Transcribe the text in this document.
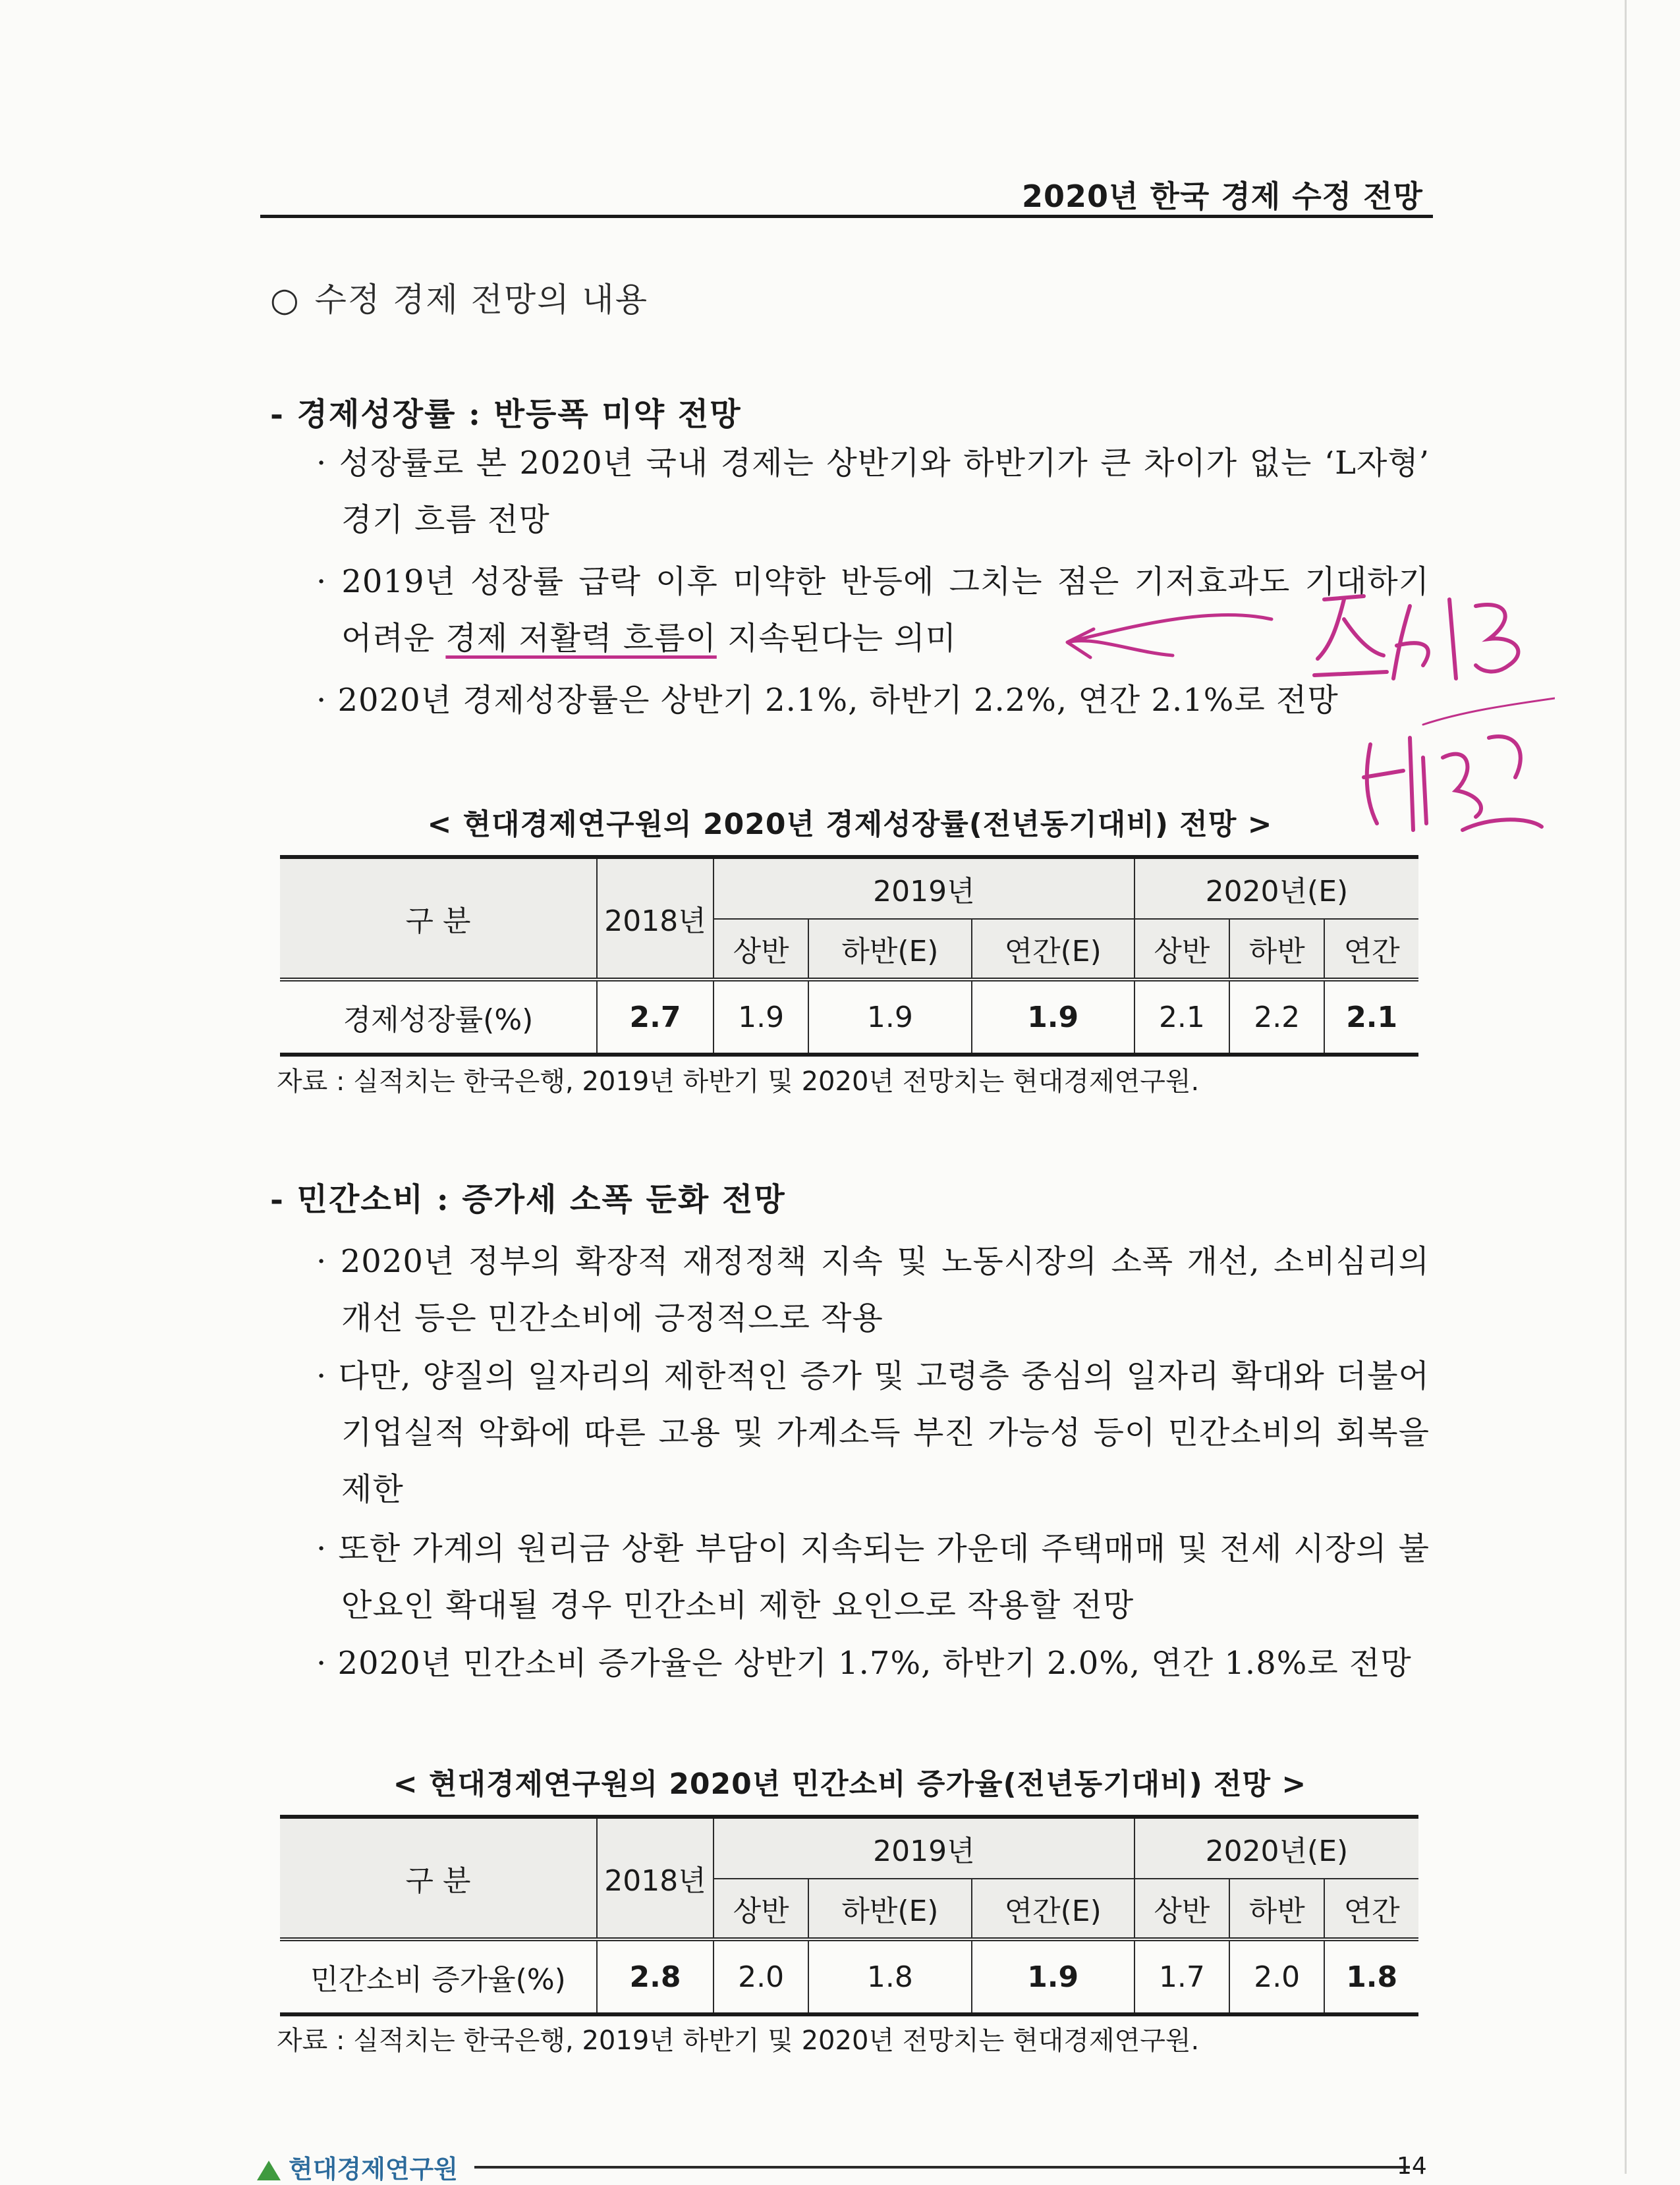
2020년 한국 경제 수정 전망
○ 수정 경제 전망의 내용
- 경제성장률 : 반등폭 미약 전망
· 성장률로 본 2020년 국내 경제는 상반기와 하반기가 큰 차이가 없는 ‘L자형’ 경기 흐름 전망
· 2019년 성장률 급락 이후 미약한 반등에 그치는 점은 기저효과도 기대하기 어려운 경제 저활력 흐름이 지속된다는 의미
· 2020년 경제성장률은 상반기 2.1%, 하반기 2.2%, 연간 2.1%로 전망
< 현대경제연구원의 2020년 경제성장률(전년동기대비) 전망 >
구 분	2018년	2019년			2020년(E)		
		상반	하반(E)	연간(E)	상반	하반	연간
경제성장률(%)	2.7	1.9	1.9	1.9	2.1	2.2	2.1
자료 : 실적치는 한국은행, 2019년 하반기 및 2020년 전망치는 현대경제연구원.
- 민간소비 : 증가세 소폭 둔화 전망
· 2020년 정부의 확장적 재정정책 지속 및 노동시장의 소폭 개선, 소비심리의 개선 등은 민간소비에 긍정적으로 작용
· 다만, 양질의 일자리의 제한적인 증가 및 고령층 중심의 일자리 확대와 더불어 기업실적 악화에 따른 고용 및 가계소득 부진 가능성 등이 민간소비의 회복을 제한
· 또한 가계의 원리금 상환 부담이 지속되는 가운데 주택매매 및 전세 시장의 불안요인 확대될 경우 민간소비 제한 요인으로 작용할 전망
· 2020년 민간소비 증가율은 상반기 1.7%, 하반기 2.0%, 연간 1.8%로 전망
< 현대경제연구원의 2020년 민간소비 증가율(전년동기대비) 전망 >
구 분	2018년	2019년			2020년(E)		
		상반	하반(E)	연간(E)	상반	하반	연간
민간소비 증가율(%)	2.8	2.0	1.8	1.9	1.7	2.0	1.8
자료 : 실적치는 한국은행, 2019년 하반기 및 2020년 전망치는 현대경제연구원.
현대경제연구원	14
